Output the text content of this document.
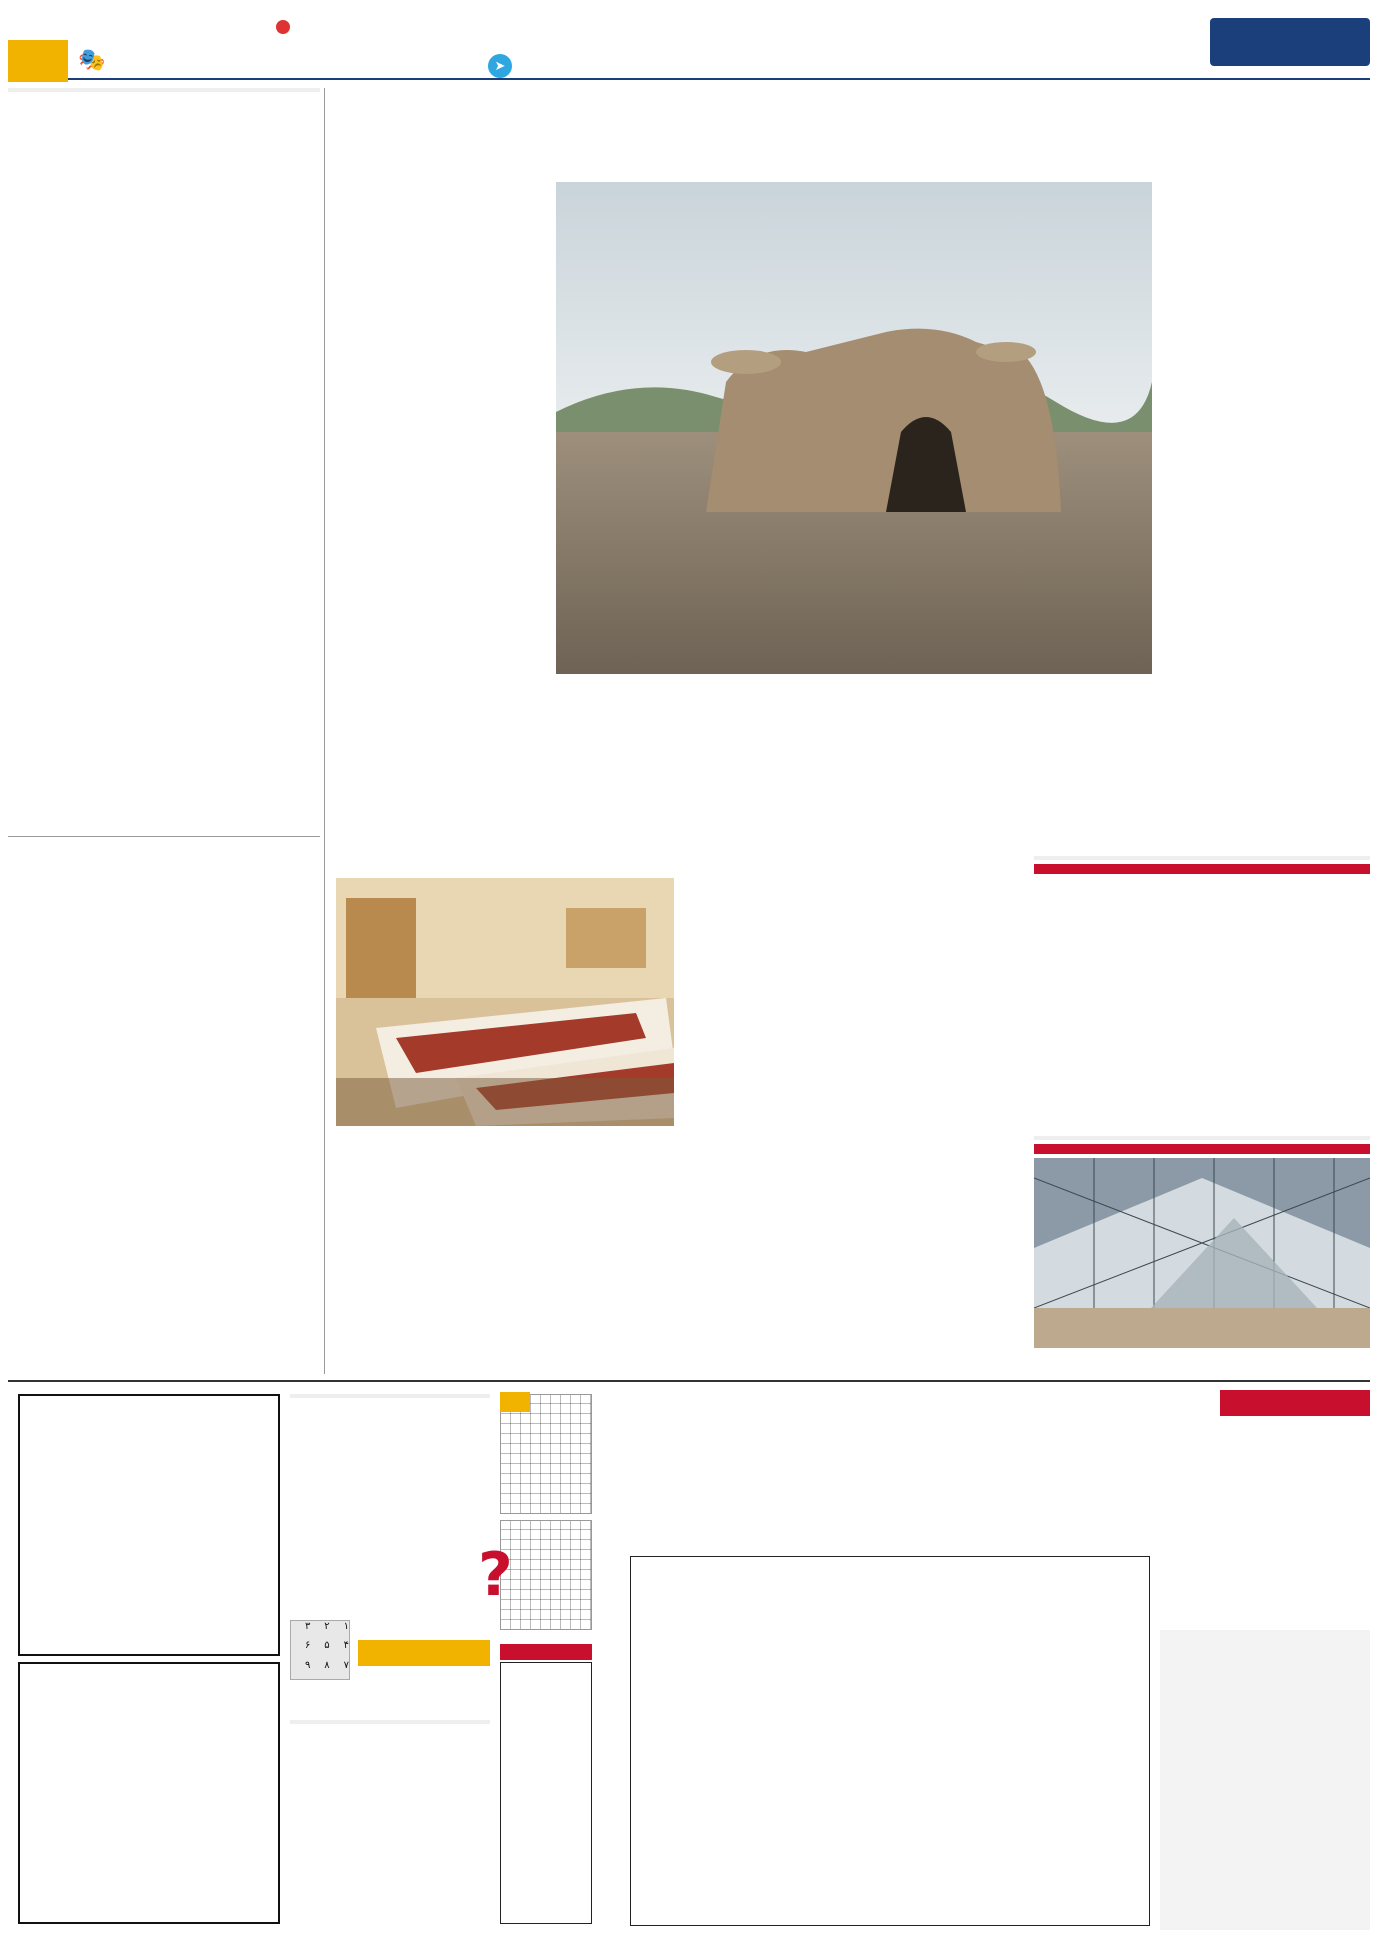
➤
🎭
۱
۲
۳
۴
۵
۶
۷
۸
۹
?
